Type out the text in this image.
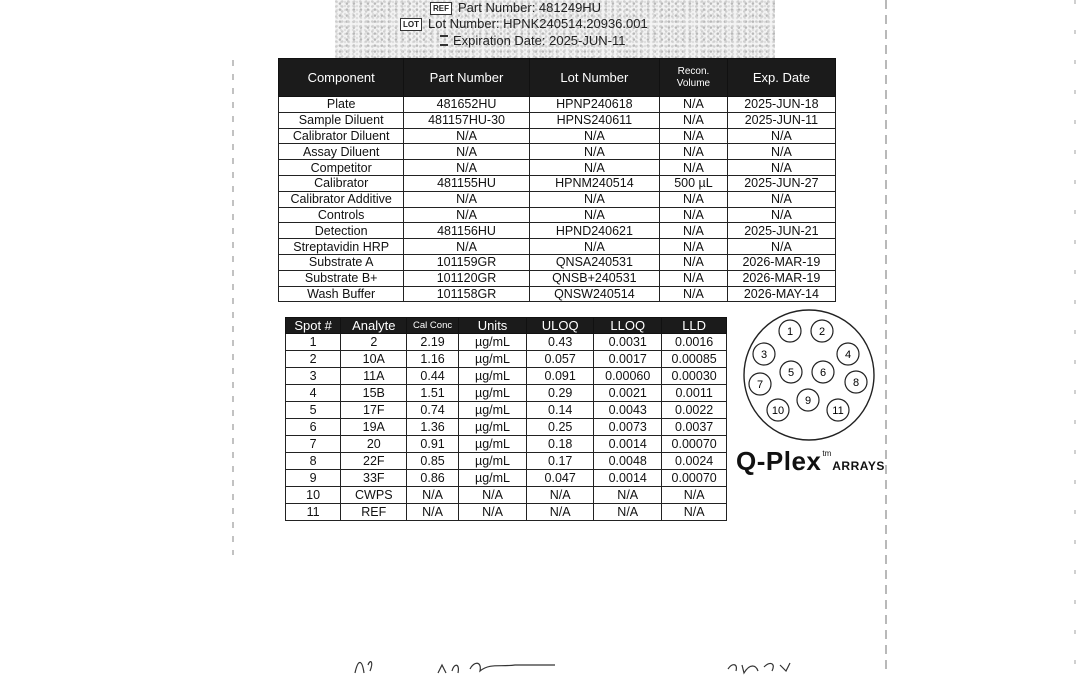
REF Part Number: 481249HU
LOT Lot Number: HPNK240514.20936.001
Expiration Date: 2025-JUN-11
Component	Part Number	Lot Number	Recon. Volume	Exp. Date
Plate	481652HU	HPNP240618	N/A	2025-JUN-18
Sample Diluent	481157HU-30	HPNS240611	N/A	2025-JUN-11
Calibrator Diluent	N/A	N/A	N/A	N/A
Assay Diluent	N/A	N/A	N/A	N/A
Competitor	N/A	N/A	N/A	N/A
Calibrator	481155HU	HPNM240514	500 µL	2025-JUN-27
Calibrator Additive	N/A	N/A	N/A	N/A
Controls	N/A	N/A	N/A	N/A
Detection	481156HU	HPND240621	N/A	2025-JUN-21
Streptavidin HRP	N/A	N/A	N/A	N/A
Substrate A	101159GR	QNSA240531	N/A	2026-MAR-19
Substrate B+	101120GR	QNSB+240531	N/A	2026-MAR-19
Wash Buffer	101158GR	QNSW240514	N/A	2026-MAY-14
Spot #	Analyte	Cal Conc	Units	ULOQ	LLOQ	LLD
1	2	2.19	µg/mL	0.43	0.0031	0.0016
2	10A	1.16	µg/mL	0.057	0.0017	0.00085
3	11A	0.44	µg/mL	0.091	0.00060	0.00030
4	15B	1.51	µg/mL	0.29	0.0021	0.0011
5	17F	0.74	µg/mL	0.14	0.0043	0.0022
6	19A	1.36	µg/mL	0.25	0.0073	0.0037
7	20	0.91	µg/mL	0.18	0.0014	0.00070
8	22F	0.85	µg/mL	0.17	0.0048	0.0024
9	33F	0.86	µg/mL	0.047	0.0014	0.00070
10	CWPS	N/A	N/A	N/A	N/A	N/A
11	REF	N/A	N/A	N/A	N/A	N/A
1 2
3	4
5 6
7	8
9
10	11
Q-Plex$^{tm}$ARRAYS
